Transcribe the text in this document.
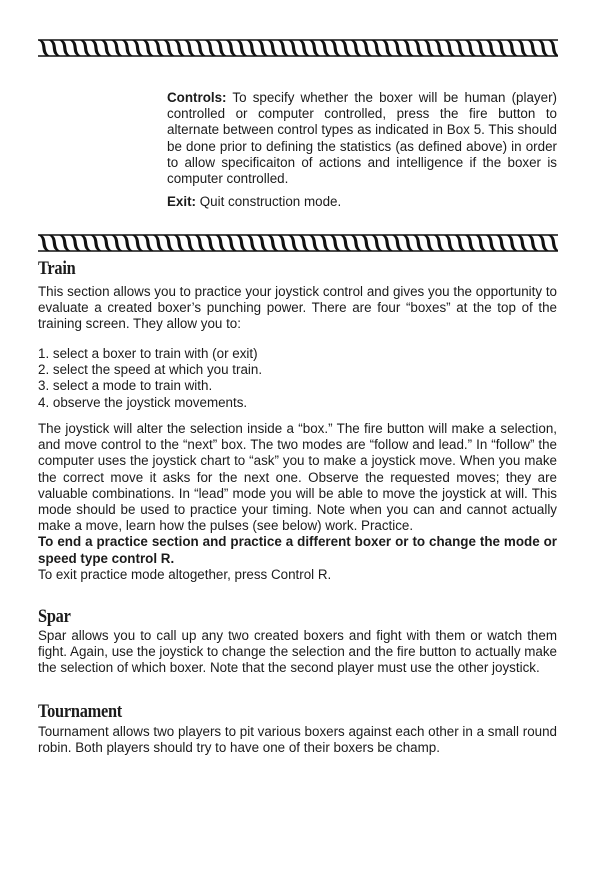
Controls: To specify whether the boxer will be human (player) controlled or computer controlled, press the fire button to alternate between control types as indicated in Box 5. This should be done prior to defining the statistics (as defined above) in order to allow specificaiton of actions and intelligence if the boxer is computer controlled.
Exit: Quit construction mode.
Train

This section allows you to practice your joystick control and gives you the opportunity to evaluate a created boxer’s punching power. There are four “boxes” at the top of the training screen. They allow you to:

1. select a boxer to train with (or exit)
2. select the speed at which you train.
3. select a mode to train with.
4. observe the joystick movements.

The joystick will alter the selection inside a “box.” The fire button will make a selection, and move control to the “next” box. The two modes are “follow and lead.” In “follow” the computer uses the joystick chart to “ask” you to make a joystick move. When you make the correct move it asks for the next one. Observe the requested moves; they are valuable combinations. In “lead” mode you will be able to move the joystick at will. This mode should be used to practice your timing. Note when you can and cannot actually make a move, learn how the pulses (see below) work. Practice.

To end a practice section and practice a different boxer or to change the mode or speed type control R.

To exit practice mode altogether, press Control R.

Spar

Spar allows you to call up any two created boxers and fight with them or watch them fight. Again, use the joystick to change the selection and the fire button to actually make the selection of which boxer. Note that the second player must use the other joystick.

Tournament

Tournament allows two players to pit various boxers against each other in a small round robin. Both players should try to have one of their boxers be champ.
